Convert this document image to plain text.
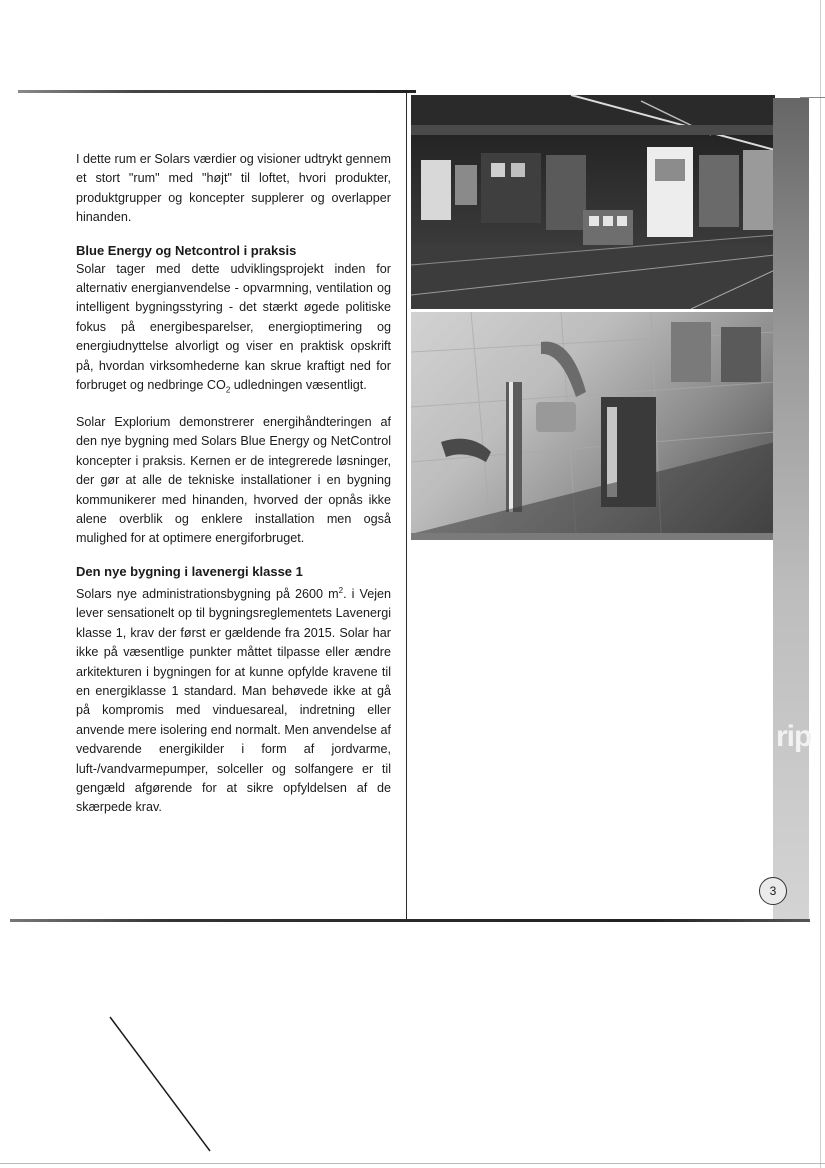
I dette rum er Solars værdier og visioner udtrykt gennem et stort "rum" med "højt" til loftet, hvori produkter, produktgrupper og koncepter supplerer og overlapper hinanden.

Blue Energy og Netcontrol i praksis

Solar tager med dette udviklingsprojekt inden for alternativ energianvendelse - opvarmning, ventilation og intelligent bygningsstyring - det stærkt øgede politiske fokus på energibesparelser, energioptimering og energiudnyttelse alvorligt og viser en praktisk opskrift på, hvordan virksomhederne kan skrue kraftigt ned for forbruget og nedbringe $CO_2$ udledningen væsentligt.

Solar Explorium demonstrerer energihåndteringen af den nye bygning med Solars Blue Energy og NetControl koncepter i praksis. Kernen er de integrerede løsninger, der gør at alle de tekniske installationer i en bygning kommunikerer med hinanden, hvorved der opnås ikke alene overblik og enklere installation men også mulighed for at optimere energiforbruget.

Den nye bygning i lavenergi klasse 1

Solars nye administrationsbygning på 2600 $m^2$. i Vejen lever sensationelt op til bygningsreglementets Lavenergi klasse 1, krav der først er gældende fra 2015. Solar har ikke på væsentlige punkter måttet tilpasse eller ændre arkitekturen i bygningen for at kunne opfylde kravene til en energiklasse 1 standard. Man behøvede ikke at gå på kompromis med vinduesareal, indretning eller anvende mere isolering end normalt. Men anvendelse af vedvarende energikilder i form af jordvarme, luft-/vandvarmepumper, solceller og solfangere er til gengæld afgørende for at sikre opfyldelsen af de skærpede krav.

rip
3
